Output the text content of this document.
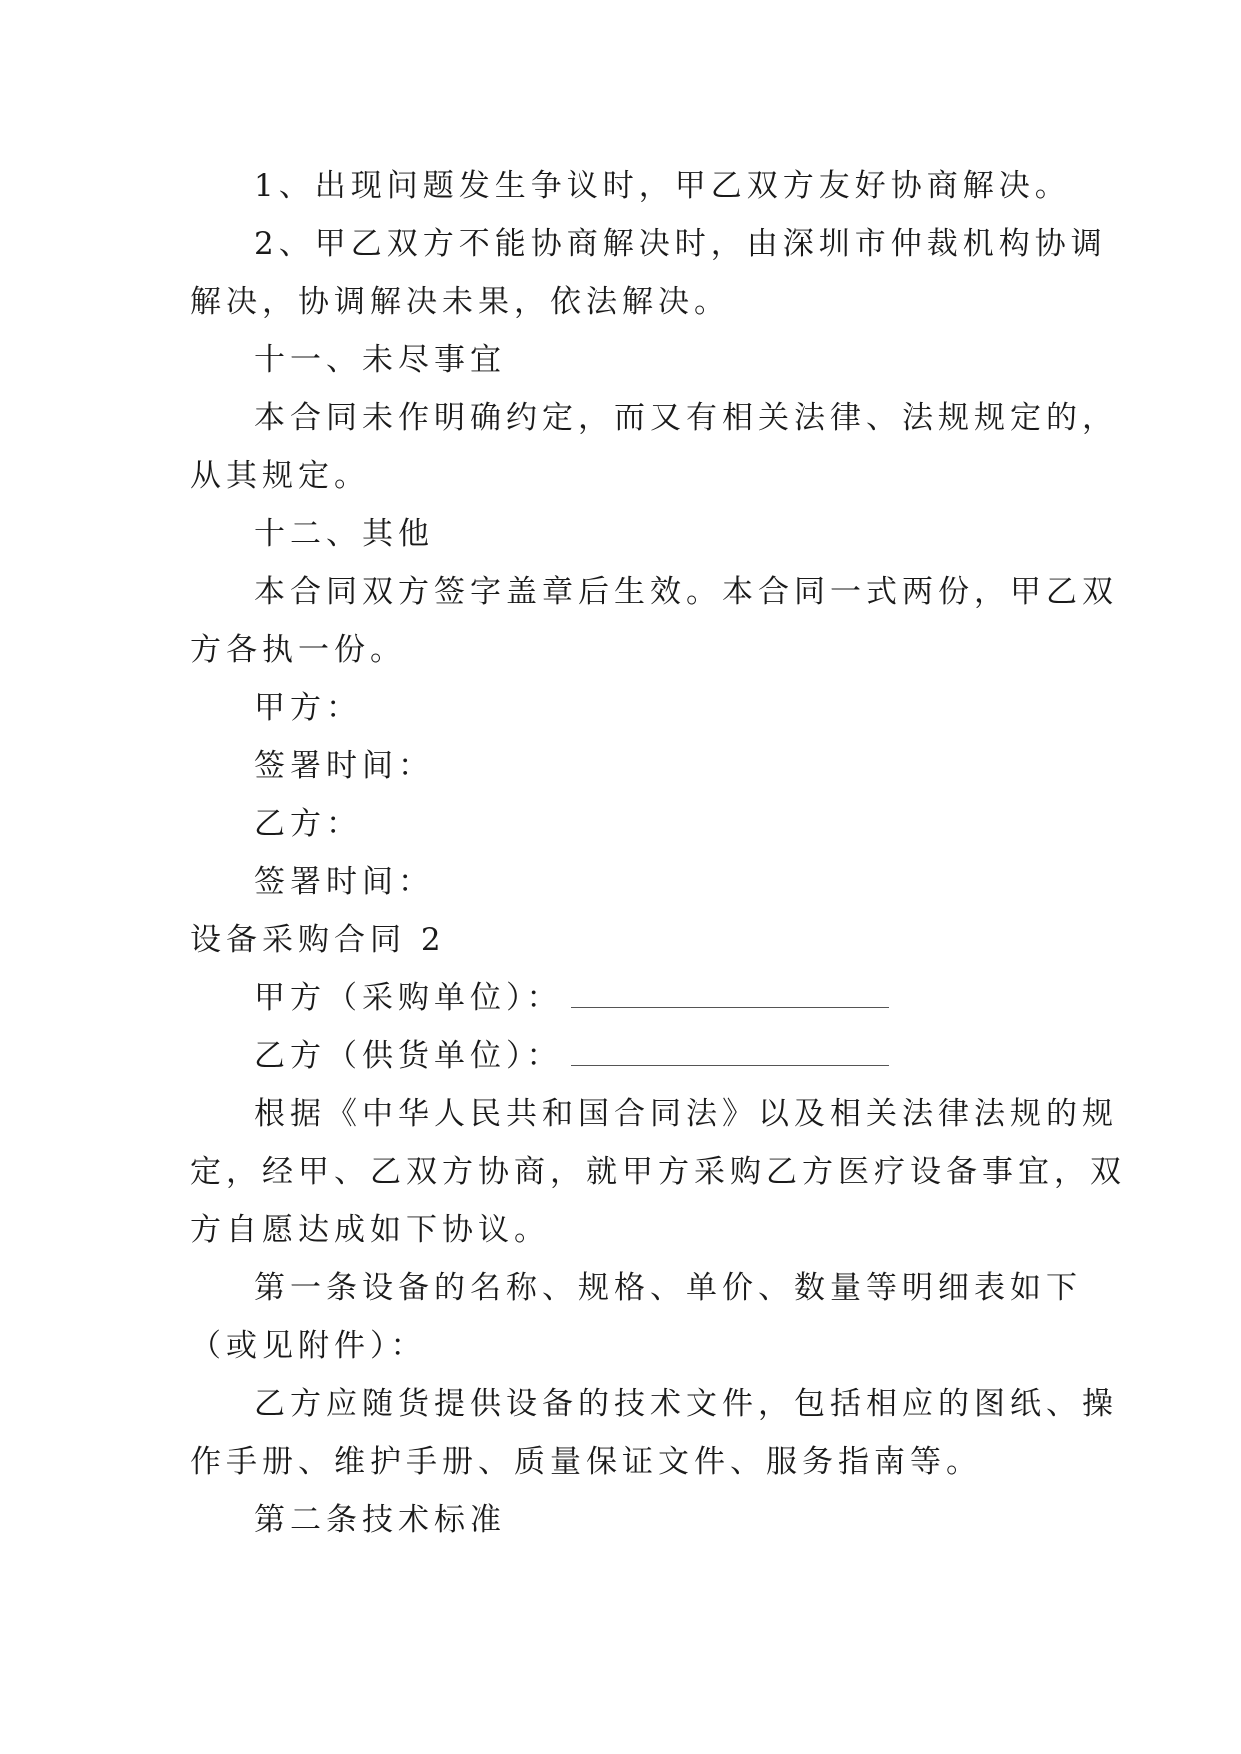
1、出现问题发生争议时，甲乙双方友好协商解决。

2、甲乙双方不能协商解决时，由深圳市仲裁机构协调

解决，协调解决未果，依法解决。

十一、未尽事宜

本合同未作明确约定，而又有相关法律、法规规定的，

从其规定。

十二、其他

本合同双方签字盖章后生效。本合同一式两份，甲乙双

方各执一份。

甲方：

签署时间：

乙方：

签署时间：

设备采购合同 2

甲方（采购单位）：

乙方（供货单位）：

根据《中华人民共和国合同法》以及相关法律法规的规

定，经甲、乙双方协商，就甲方采购乙方医疗设备事宜，双

方自愿达成如下协议。

第一条设备的名称、规格、单价、数量等明细表如下

（或见附件）：

乙方应随货提供设备的技术文件，包括相应的图纸、操

作手册、维护手册、质量保证文件、服务指南等。

第二条技术标准
